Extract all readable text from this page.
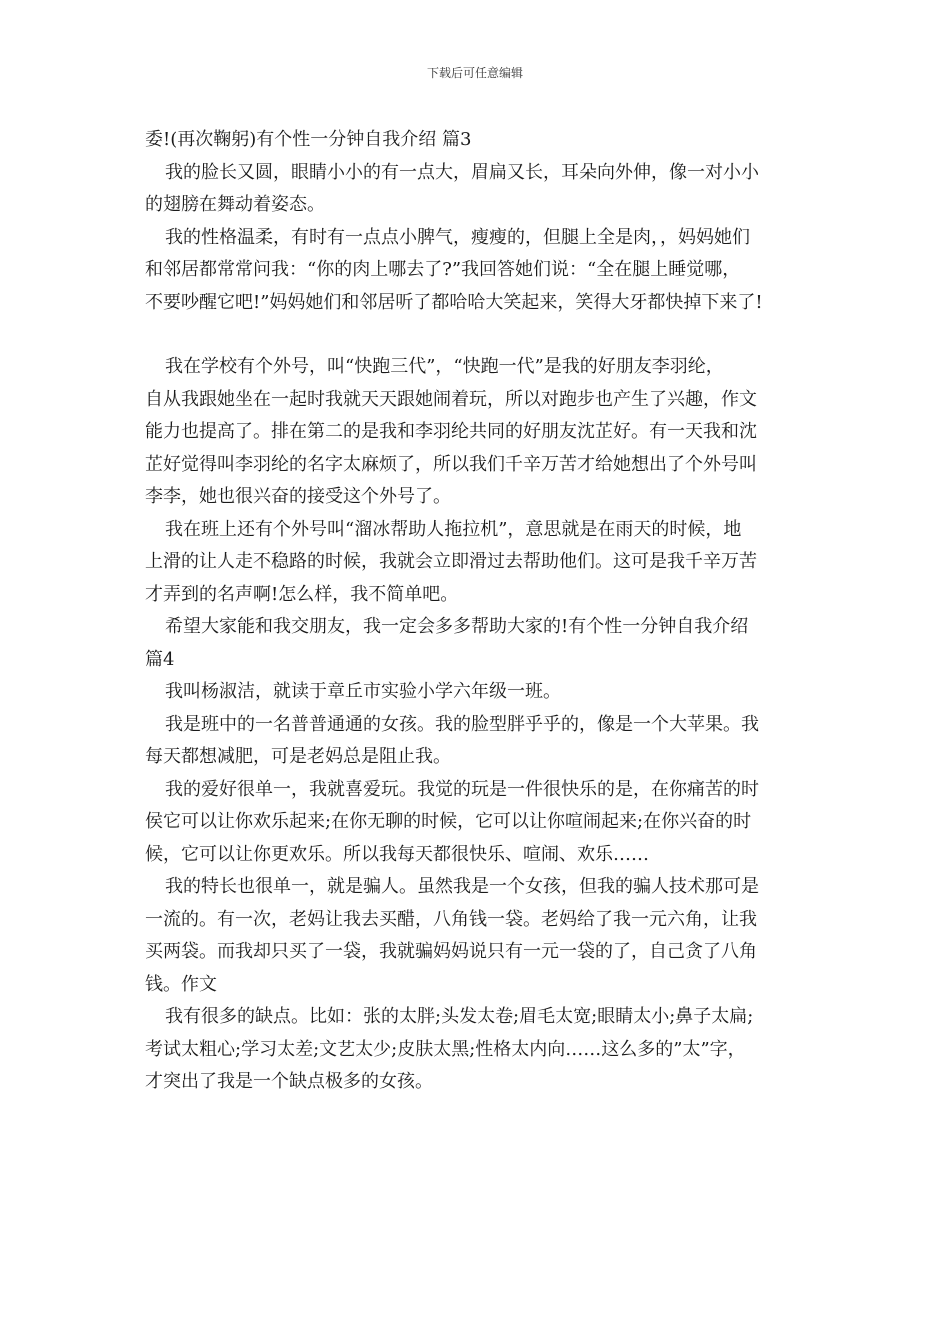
下载后可任意编辑
委!(再次鞠躬)有个性一分钟自我介绍 篇3
我的脸长又圆，眼睛小小的有一点大，眉扁又长，耳朵向外伸，像一对小小
的翅膀在舞动着姿态。
我的性格温柔，有时有一点点小脾气，瘦瘦的，但腿上全是肉，，妈妈她们
和邻居都常常问我：“你的肉上哪去了?”我回答她们说：“全在腿上睡觉哪，
不要吵醒它吧!”妈妈她们和邻居听了都哈哈大笑起来，笑得大牙都快掉下来了!
我在学校有个外号，叫“快跑三代”，“快跑一代”是我的好朋友李羽纶，
自从我跟她坐在一起时我就天天跟她闹着玩，所以对跑步也产生了兴趣，作文
能力也提高了。排在第二的是我和李羽纶共同的好朋友沈芷好。有一天我和沈
芷好觉得叫李羽纶的名字太麻烦了，所以我们千辛万苦才给她想出了个外号叫
李李，她也很兴奋的接受这个外号了。
我在班上还有个外号叫“溜冰帮助人拖拉机”，意思就是在雨天的时候，地
上滑的让人走不稳路的时候，我就会立即滑过去帮助他们。这可是我千辛万苦
才弄到的名声啊!怎么样，我不简单吧。
希望大家能和我交朋友，我一定会多多帮助大家的!有个性一分钟自我介绍
篇4
我叫杨淑洁，就读于章丘市实验小学六年级一班。
我是班中的一名普普通通的女孩。我的脸型胖乎乎的，像是一个大苹果。我
每天都想减肥，可是老妈总是阻止我。
我的爱好很单一，我就喜爱玩。我觉的玩是一件很快乐的是，在你痛苦的时
侯它可以让你欢乐起来;在你无聊的时候，它可以让你喧闹起来;在你兴奋的时
候，它可以让你更欢乐。所以我每天都很快乐、喧闹、欢乐……
我的特长也很单一，就是骗人。虽然我是一个女孩，但我的骗人技术那可是
一流的。有一次，老妈让我去买醋，八角钱一袋。老妈给了我一元六角，让我
买两袋。而我却只买了一袋，我就骗妈妈说只有一元一袋的了，自己贪了八角
钱。作文
我有很多的缺点。比如：张的太胖;头发太卷;眉毛太宽;眼睛太小;鼻子太扁;
考试太粗心;学习太差;文艺太少;皮肤太黑;性格太内向……这么多的”太”字，
才突出了我是一个缺点极多的女孩。
